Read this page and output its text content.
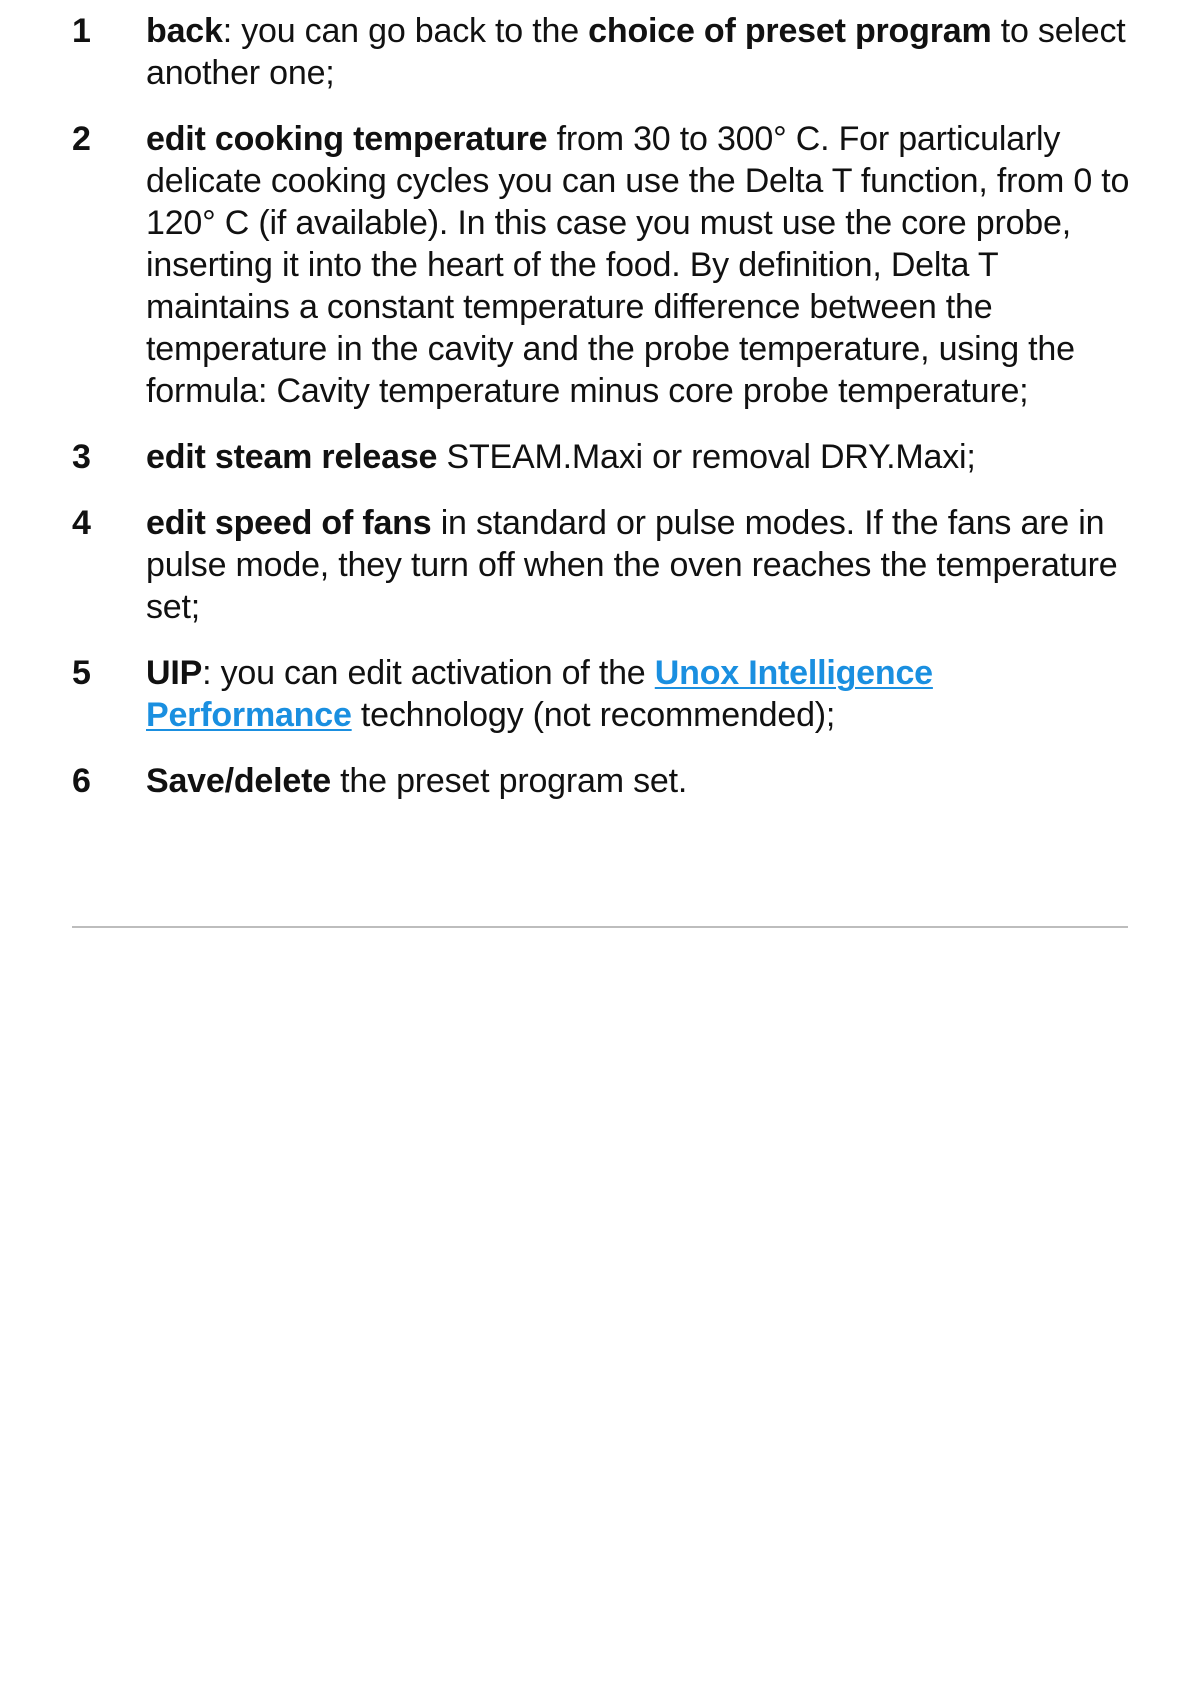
1	back: you can go back to the choice of preset program to select another one;
2	edit cooking temperature from 30 to 300° C. For particularly delicate cooking cycles you can use the Delta T function, from 0 to 120° C (if available). In this case you must use the core probe, inserting it into the heart of the food. By definition, Delta T maintains a constant temperature difference between the temperature in the cavity and the probe temperature, using the formula: Cavity temperature minus core probe temperature;
3	edit steam release STEAM.Maxi or removal DRY.Maxi;
4	edit speed of fans in standard or pulse modes. If the fans are in pulse mode, they turn off when the oven reaches the temperature set;
5	UIP: you can edit activation of the Unox Intelligence Performance technology (not recommended);
6	Save/delete the preset program set.
